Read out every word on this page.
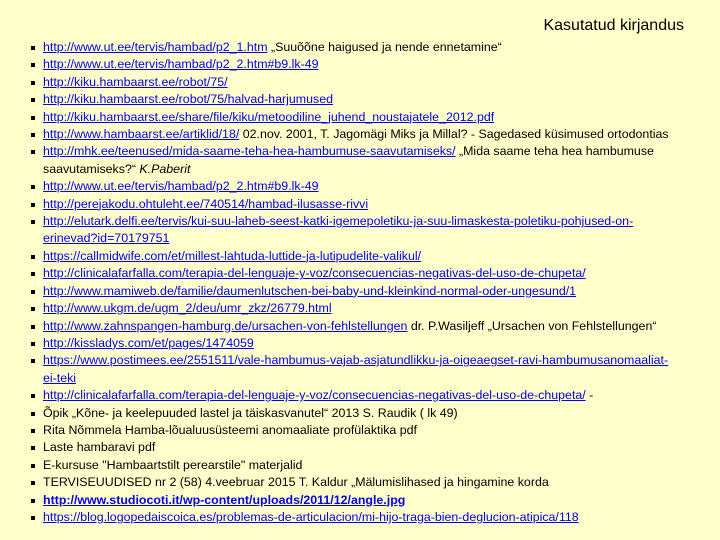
Kasutatud kirjandus
http://www.ut.ee/tervis/hambad/p2_1.htm „Suuõõne haigused ja nende ennetamine“
http://www.ut.ee/tervis/hambad/p2_2.htm#b9.lk-49
http://kiku.hambaarst.ee/robot/75/
http://kiku.hambaarst.ee/robot/75/halvad-harjumused
http://kiku.hambaarst.ee/share/file/kiku/metoodiline_juhend_noustajatele_2012.pdf
http://www.hambaarst.ee/artiklid/18/ 02.nov. 2001, T. Jagomägi Miks ja Millal? - Sagedased küsimused ortodontias
http://mhk.ee/teenused/mida-saame-teha-hea-hambumuse-saavutamiseks/ „Mida saame teha hea hambumuse saavutamiseks?“ K.Paberit
http://www.ut.ee/tervis/hambad/p2_2.htm#b9.lk-49
http://perejakodu.ohtuleht.ee/740514/hambad-ilusasse-rivvi
http://elutark.delfi.ee/tervis/kui-suu-laheb-seest-katki-igemepoletiku-ja-suu-limaskesta-poletiku-pohjused-on-erinevad?id=70179751
https://callmidwife.com/et/millest-lahtuda-luttide-ja-lutipudelite-valikul/
http://clinicalafarfalla.com/terapia-del-lenguaje-y-voz/consecuencias-negativas-del-uso-de-chupeta/
http://www.mamiweb.de/familie/daumenlutschen-bei-baby-und-kleinkind-normal-oder-ungesund/1
http://www.ukgm.de/ugm_2/deu/umr_zkz/26779.html
http://www.zahnspangen-hamburg.de/ursachen-von-fehlstellungen dr. P.Wasiljeff „Ursachen von Fehlstellungen“
http://kissladys.com/et/pages/1474059
https://www.postimees.ee/2551511/vale-hambumus-vajab-asjatundlikku-ja-oigeaegset-ravi-hambumusanomaaliat-ei-teki
http://clinicalafarfalla.com/terapia-del-lenguaje-y-voz/consecuencias-negativas-del-uso-de-chupeta/ -
Õpik „Kõne- ja keelepuuded lastel ja täiskasvanutel“ 2013 S. Raudik ( lk 49)
Rita Nõmmela Hamba-lõualuusüsteemi anomaaliate profülaktika pdf
Laste hambaravi pdf
E-kursuse "Hambaartstilt perearstile" materjalid
TERVISEUUDISED nr 2 (58) 4.veebruar 2015 T. Kaldur „Mälumislihased ja hingamine korda
http://www.studiocoti.it/wp-content/uploads/2011/12/angle.jpg
https://blog.logopedaiscoica.es/problemas-de-articulacion/mi-hijo-traga-bien-deglucion-atipica/118
